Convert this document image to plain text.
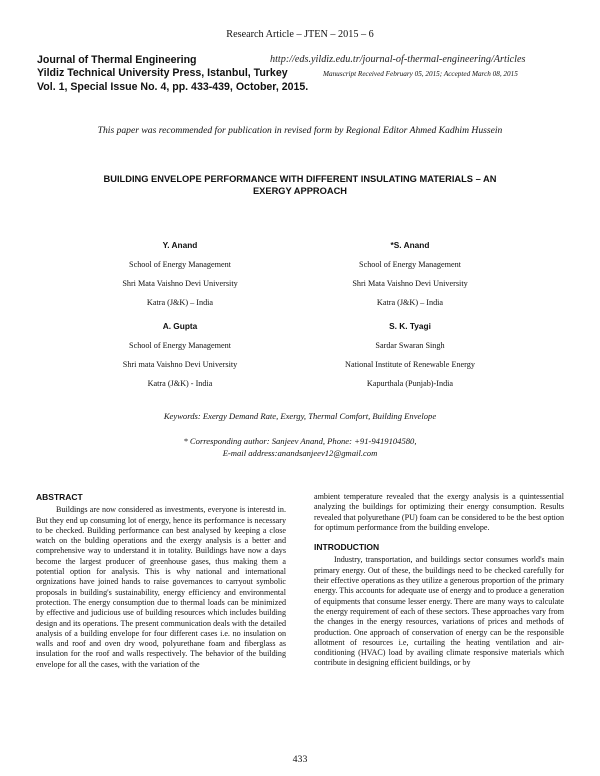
Research Article – JTEN – 2015 – 6
Journal of Thermal Engineering	http://eds.yildiz.edu.tr/journal-of-thermal-engineering/Articles
Yildiz Technical University Press, Istanbul, Turkey	Manuscript Received February 05, 2015; Accepted March 08, 2015
Vol. 1, Special Issue No. 4, pp. 433-439, October, 2015.
This paper was recommended for publication in revised form by Regional Editor Ahmed Kadhim Hussein
BUILDING ENVELOPE PERFORMANCE WITH DIFFERENT INSULATING MATERIALS – AN
EXERGY APPROACH
Y. Anand
School of Energy Management
Shri Mata Vaishno Devi University
Katra (J&K) – India
*S. Anand
School of Energy Management
Shri Mata Vaishno Devi University
Katra (J&K) – India
A. Gupta
School of Energy Management
Shri mata Vaishno Devi University
Katra (J&K) - India
S. K. Tyagi
Sardar Swaran Singh
National Institute of Renewable Energy
Kapurthala (Punjab)-India
Keywords: Exergy Demand Rate, Exergy, Thermal Comfort, Building Envelope
* Corresponding author: Sanjeev Anand, Phone: +91-9419104580,
E-mail address:anandsanjeev12@gmail.com
ABSTRACT

Buildings are now considered as investments, everyone is interestd in. But they end up consuming lot of energy, hence its performance is necessary to be checked. Building performance can best analysed by keeping a close watch on the bulding operations and the exergy analysis is a better and comprehensive way to understand it in totality. Buildings have now a days become the largest producer of greenhouse gases, thus making them a potential option for analysis. This is why national and international orgnizations have joined hands to raise governances to carryout symbolic proposals in building's sustainability, energy efficiency and environmental protection. The energy consumption due to thermal loads can be minimized by effective and judicious use of building resources which includes building design and its operations. The present communication deals with the detailed analysis of a building envelope for four different cases i.e. no insulation on walls and roof and oven dry wood, polyurethane foam and fiberglass as insulation for the roof and walls respectively. The behavior of the building envelope for all the cases, with the variation of the

ambient temperature revealed that the exergy analysis is a quintessential analyzing the buildings for optimizing their energy consumption. Results revealed that polyurethane (PU) foam can be considered to be the best option for optimum performance from the building envelope.

INTRODUCTION

Industry, transportation, and buildings sector consumes world's main primary energy. Out of these, the buildings need to be checked carefully for their effective operations as they utilize a generous proportion of the primary energy. This accounts for adequate use of energy and to produce a generation of equipments that consume lesser energy. There are many ways to calculate the energy requirement of each of these sectors. These approaches vary from the changes in the energy resources, variations of prices and methods of production. One approach of conservation of energy can be the responsible allotment of resources i.e, curtailing the heating ventilation and air-conditioning (HVAC) load by availing climate responsive materials which contribute in designing efficient buildings, or by

433
